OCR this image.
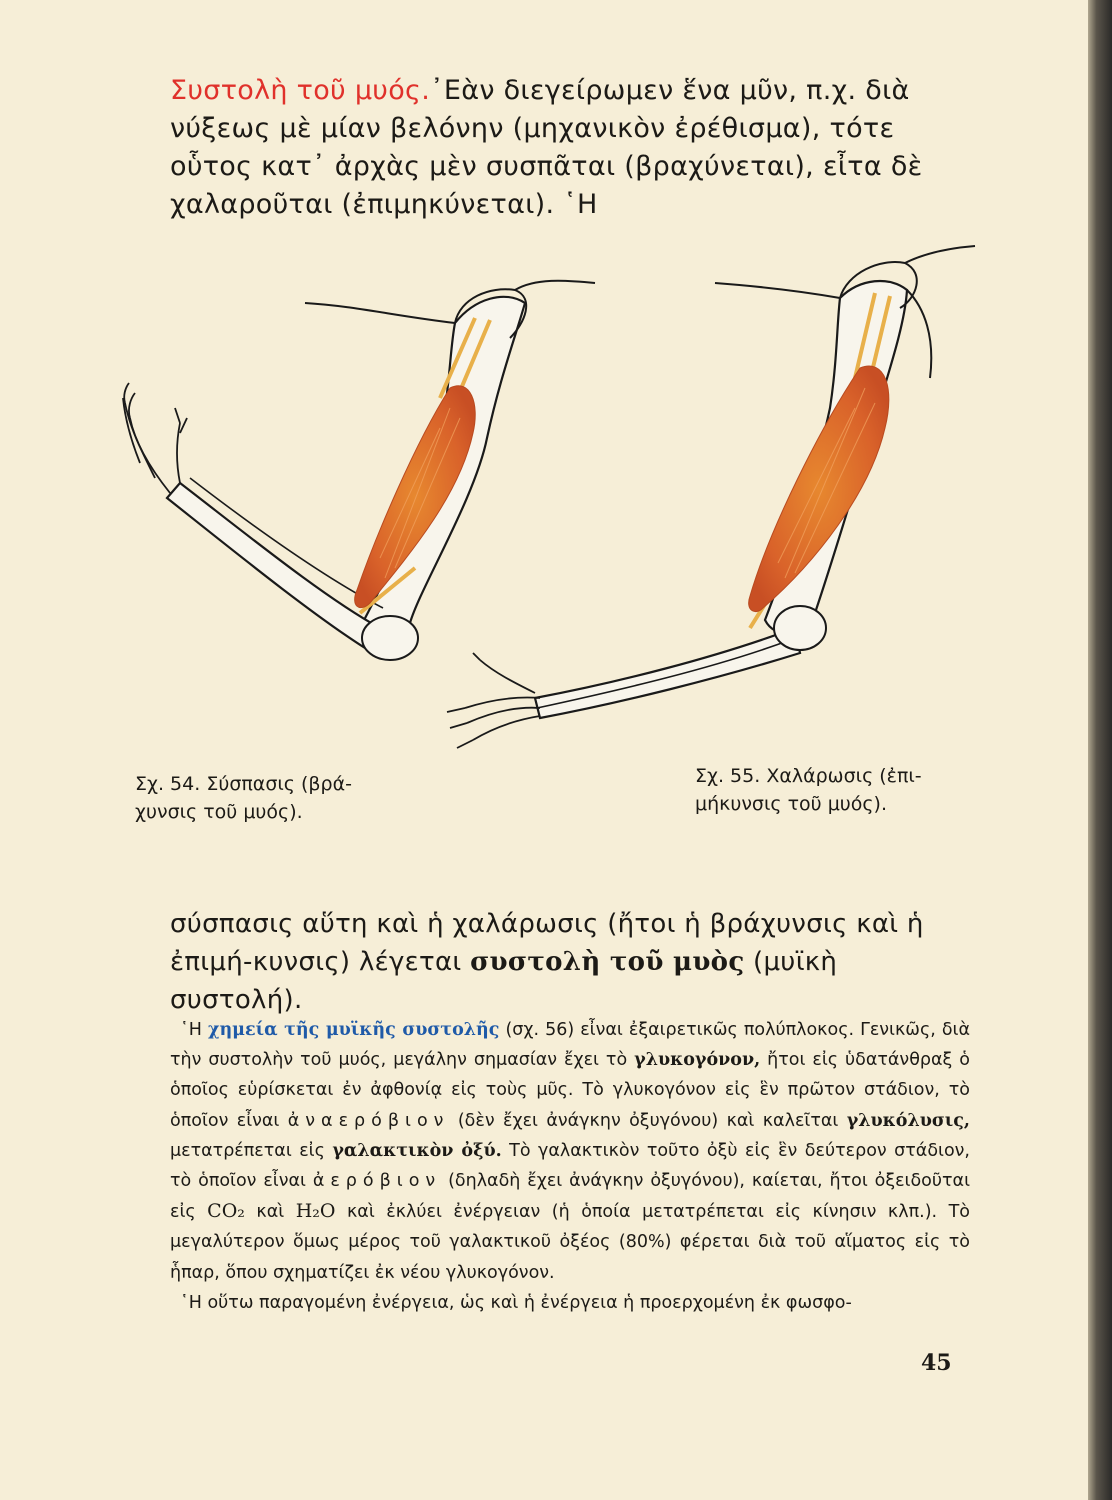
Συστολὴ τοῦ μυός.᾽Εὰν διεγείρωμεν ἕνα μῦν, π.χ. διὰ νύξεως μὲ μίαν βελόνην (μηχανικὸν ἐρέθισμα), τότε οὗτος κατ᾽ ἀρχὰς μὲν συσπᾶται (βραχύνεται), εἶτα δὲ χαλαροῦται (ἐπιμηκύνεται). ῾Η
Σχ. 54. Σύσπασις (βρά-
χυνσις τοῦ μυός).
Σχ. 55. Χαλάρωσις (ἐπι-
μήκυνσις τοῦ μυός).
σύσπασις αὕτη καὶ ἡ χαλάρωσις (ἤτοι ἡ βράχυνσις καὶ ἡ ἐπιμή-κυνσις) λέγεται συστολὴ τοῦ μυὸς (μυϊκὴ συστολή).

῾Η χημεία τῆς μυϊκῆς συστολῆς (σχ. 56) εἶναι ἐξαιρετικῶς πολύπλοκος. Γενικῶς, διὰ τὴν συστολὴν τοῦ μυός, μεγάλην σημασίαν ἔχει τὸ γλυκογόνον, ἤτοι εἰς ὑδατάνθραξ ὁ ὁποῖος εὑρίσκεται ἐν ἀφθονίᾳ εἰς τοὺς μῦς. Τὸ γλυκογόνον εἰς ἓν πρῶτον στάδιον, τὸ ὁποῖον εἶναι ἀναερόβιον (δὲν ἔχει ἀνάγκην ὀξυγόνου) καὶ καλεῖται γλυκόλυσις, μετατρέπεται εἰς γαλακτικὸν ὀξύ. Τὸ γαλακτικὸν τοῦτο ὀξὺ εἰς ἓν δεύτερον στάδιον, τὸ ὁποῖον εἶναι ἀερόβιον (δηλαδὴ ἔχει ἀνάγκην ὀξυγόνου), καίεται, ἤτοι ὀξειδοῦται εἰς CO₂ καὶ H₂O καὶ ἐκλύει ἐνέργειαν (ἡ ὁποία μετατρέπεται εἰς κίνησιν κλπ.). Τὸ μεγαλύτερον ὅμως μέρος τοῦ γαλακτικοῦ ὀξέος (80%) φέρεται διὰ τοῦ αἵματος εἰς τὸ ἧπαρ, ὅπου σχηματίζει ἐκ νέου γλυκογόνον.

῾Η οὕτω παραγομένη ἐνέργεια, ὡς καὶ ἡ ἐνέργεια ἡ προερχομένη ἐκ φωσφο-

45
